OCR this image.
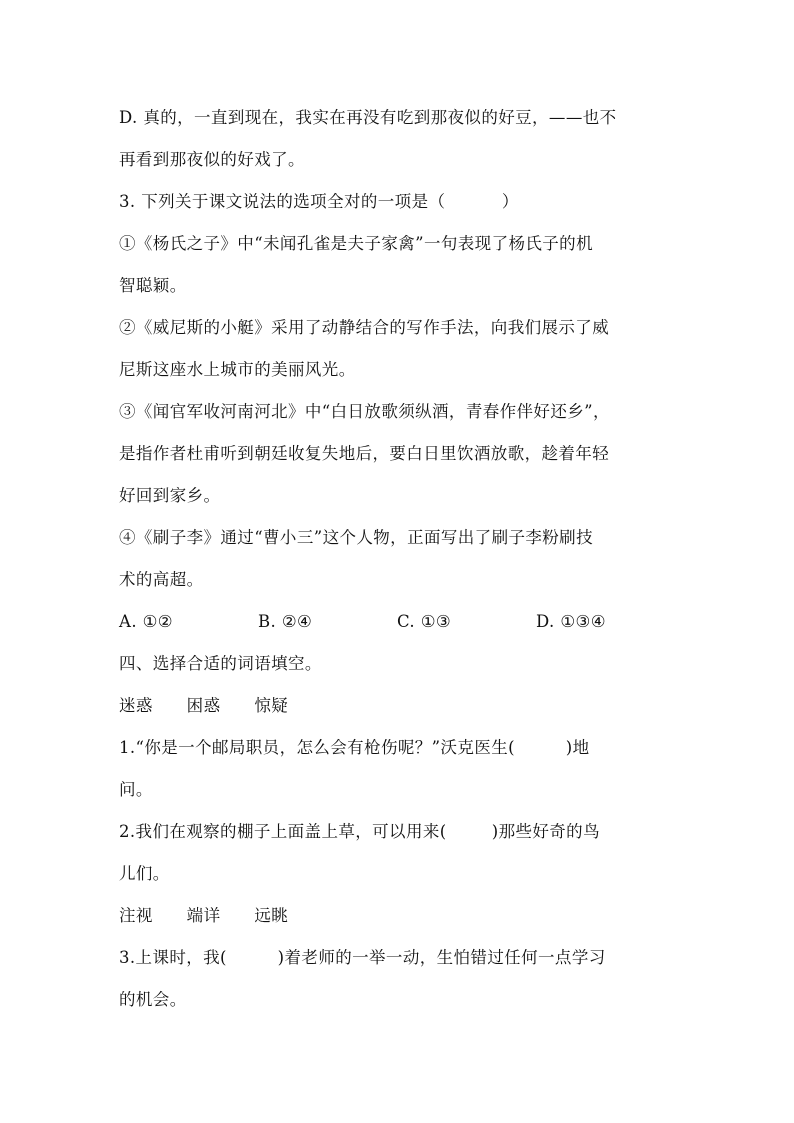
D. 真的，一直到现在，我实在再没有吃到那夜似的好豆，——也不
再看到那夜似的好戏了。
3. 下列关于课文说法的选项全对的一项是（          ）
①《杨氏之子》中“未闻孔雀是夫子家禽”一句表现了杨氏子的机
智聪颖。
②《威尼斯的小艇》采用了动静结合的写作手法，向我们展示了威
尼斯这座水上城市的美丽风光。
③《闻官军收河南河北》中“白日放歌须纵酒，青春作伴好还乡”，
是指作者杜甫听到朝廷收复失地后，要白日里饮酒放歌，趁着年轻
好回到家乡。
④《刷子李》通过“曹小三”这个人物，正面写出了刷子李粉刷技
术的高超。
A. ①②	B. ②④	C. ①③	D. ①③④
四、选择合适的词语填空。
迷惑      困惑      惊疑
1.“你是一个邮局职员，怎么会有枪伤呢？”沃克医生(         )地
问。
2.我们在观察的棚子上面盖上草，可以用来(        )那些好奇的鸟
儿们。
注视      端详      远眺
3.上课时，我(         )着老师的一举一动，生怕错过任何一点学习
的机会。
